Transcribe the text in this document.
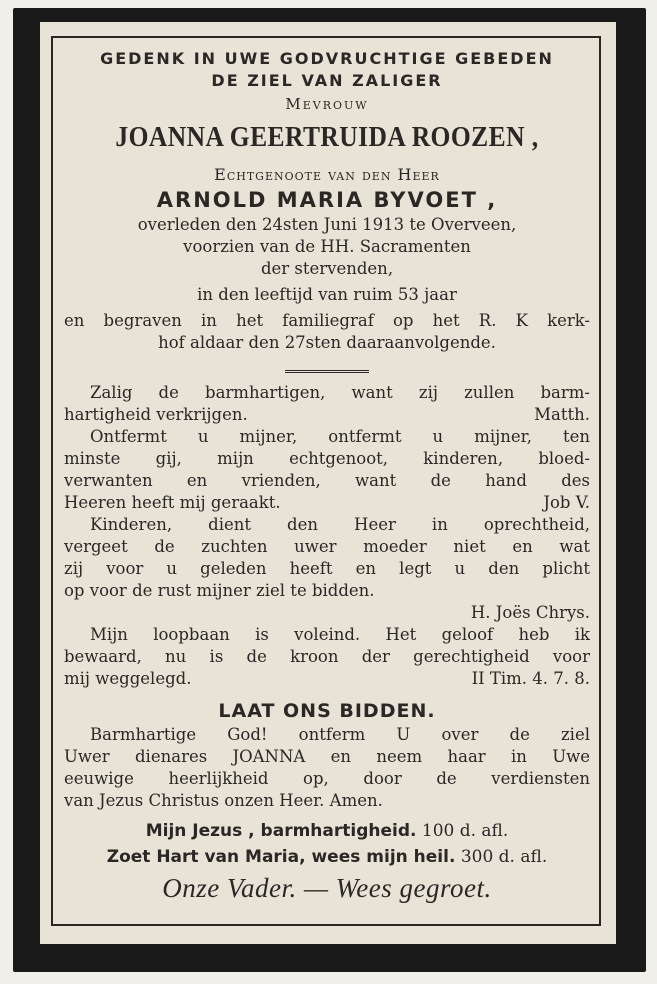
GEDENK IN UWE GODVRUCHTIGE GEBEDEN
DE ZIEL VAN ZALIGER
Mevrouw
JOANNA GEERTRUIDA ROOZEN ,
Echtgenoote van den Heer
ARNOLD MARIA BYVOET ,
overleden den 24sten Juni 1913 te Overveen,
voorzien van de HH. Sacramenten
der stervenden,
in den leeftijd van ruim 53 jaar
en begraven in het familiegraf op het R. K kerk-
hof aldaar den 27sten daaraanvolgende.
Zalig de barmhartigen, want zij zullen barm-
hartigheid verkrijgen.	Matth.
Ontfermt u mijner, ontfermt u mijner, ten
minste gij, mijn echtgenoot, kinderen, bloed-
verwanten en vrienden, want de hand des
Heeren heeft mij geraakt.	Job V.
Kinderen, dient den Heer in oprechtheid,
vergeet de zuchten uwer moeder niet en wat
zij voor u geleden heeft en legt u den plicht
op voor de rust mijner ziel te bidden.
H. Joës Chrys.
Mijn loopbaan is voleind. Het geloof heb ik
bewaard, nu is de kroon der gerechtigheid voor
mij weggelegd.	II Tim. 4. 7. 8.
LAAT ONS BIDDEN.
Barmhartige God! ontferm U over de ziel
Uwer dienares JOANNA en neem haar in Uwe
eeuwige heerlijkheid op, door de verdiensten
van Jezus Christus onzen Heer. Amen.
Mijn Jezus , barmhartigheid. 100 d. afl.
Zoet Hart van Maria, wees mijn heil. 300 d. afl.
Onze Vader. — Wees gegroet.
